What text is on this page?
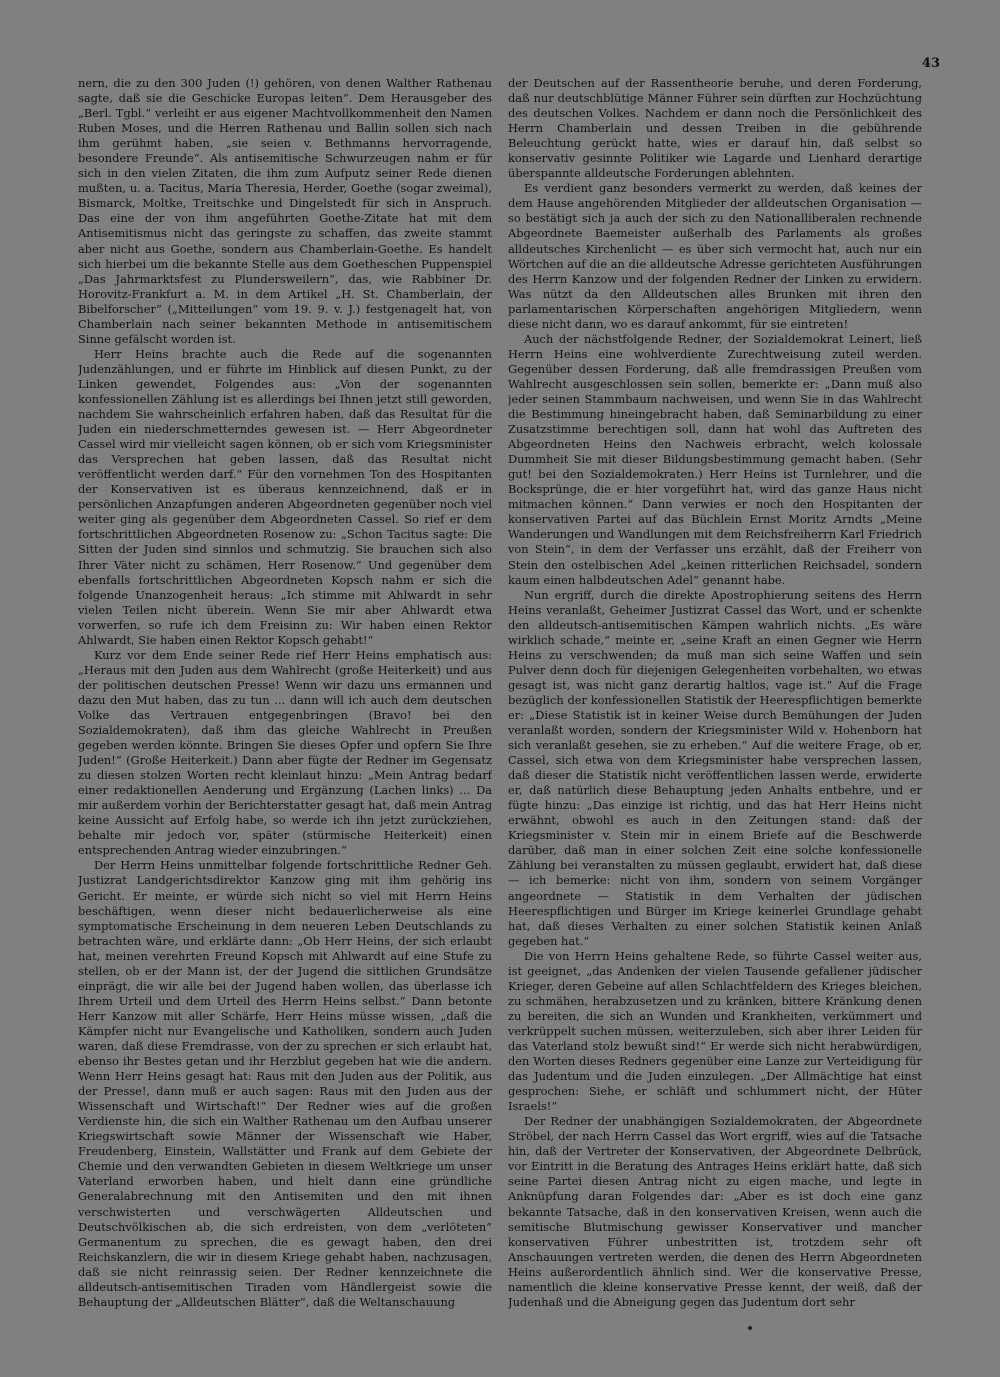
43

nern, die zu den 300 Juden (!) gehören, von denen Walther Rathenau sagte, daß sie die Geschicke Europas leiten“. Dem Herausgeber des „Berl. Tgbl.“ verleiht er aus eigener Machtvollkommenheit den Namen Ruben Moses, und die Herren Rathenau und Ballin sollen sich nach ihm gerühmt haben, „sie seien v. Bethmanns hervorragende, besondere Freunde“. Als antisemitische Schwurzeugen nahm er für sich in den vielen Zitaten, die ihm zum Aufputz seiner Rede dienen mußten, u. a. Tacitus, Maria Theresia, Herder, Goethe (sogar zweimal), Bismarck, Moltke, Treitschke und Dingelstedt für sich in Anspruch. Das eine der von ihm angeführten Goethe-Zitate hat mit dem Antisemitismus nicht das geringste zu schaffen, das zweite stammt aber nicht aus Goethe, sondern aus Chamberlain-Goethe. Es handelt sich hierbei um die bekannte Stelle aus dem Goetheschen Puppenspiel „Das Jahrmarktsfest zu Plundersweilern“, das, wie Rabbiner Dr. Horovitz-Frankfurt a. M. in dem Artikel „H. St. Chamberlain, der Bibelforscher“ („Mitteilungen“ vom 19. 9. v. J.) festgenagelt hat, von Chamberlain nach seiner bekannten Methode in antisemitischem Sinne gefälscht worden ist.

Herr Heins brachte auch die Rede auf die sogenannten Judenzählungen, und er führte im Hinblick auf diesen Punkt, zu der Linken gewendet, Folgendes aus: „Von der sogenannten konfessionellen Zählung ist es allerdings bei Ihnen jetzt still geworden, nachdem Sie wahrscheinlich erfahren haben, daß das Resultat für die Juden ein niederschmetterndes gewesen ist. — Herr Abgeordneter Cassel wird mir vielleicht sagen können, ob er sich vom Kriegsminister das Versprechen hat geben lassen, daß das Resultat nicht veröffentlicht werden darf.“ Für den vornehmen Ton des Hospitanten der Konservativen ist es überaus kennzeichnend, daß er in persönlichen Anzapfungen anderen Abgeordneten gegenüber noch viel weiter ging als gegenüber dem Abgeordneten Cassel. So rief er dem fortschrittlichen Abgeordneten Rosenow zu: „Schon Tacitus sagte: Die Sitten der Juden sind sinnlos und schmutzig. Sie brauchen sich also Ihrer Väter nicht zu schämen, Herr Rosenow.“ Und gegenüber dem ebenfalls fortschrittlichen Abgeordneten Kopsch nahm er sich die folgende Unanzogenheit heraus: „Ich stimme mit Ahlwardt in sehr vielen Teilen nicht überein. Wenn Sie mir aber Ahlwardt etwa vorwerfen, so rufe ich dem Freisinn zu: Wir haben einen Rektor Ahlwardt, Sie haben einen Rektor Kopsch gehabt!“

Kurz vor dem Ende seiner Rede rief Herr Heins emphatisch aus: „Heraus mit den Juden aus dem Wahlrecht (große Heiterkeit) und aus der politischen deutschen Presse! Wenn wir dazu uns ermannen und dazu den Mut haben, das zu tun ... dann will ich auch dem deutschen Volke das Vertrauen entgegenbringen (Bravo! bei den Sozialdemokraten), daß ihm das gleiche Wahlrecht in Preußen gegeben werden könnte. Bringen Sie dieses Opfer und opfern Sie Ihre Juden!“ (Große Heiterkeit.) Dann aber fügte der Redner im Gegensatz zu diesen stolzen Worten recht kleinlaut hinzu: „Mein Antrag bedarf einer redaktionellen Aenderung und Ergänzung (Lachen links) ... Da mir außerdem vorhin der Berichterstatter gesagt hat, daß mein Antrag keine Aussicht auf Erfolg habe, so werde ich ihn jetzt zurückziehen, behalte mir jedoch vor, später (stürmische Heiterkeit) einen entsprechenden Antrag wieder einzubringen.“

Der Herrn Heins unmittelbar folgende fortschrittliche Redner Geh. Justizrat Landgerichtsdirektor Kanzow ging mit ihm gehörig ins Gericht. Er meinte, er würde sich nicht so viel mit Herrn Heins beschäftigen, wenn dieser nicht bedauerlicherweise als eine symptomatische Erscheinung in dem neueren Leben Deutschlands zu betrachten wäre, und erklärte dann: „Ob Herr Heins, der sich erlaubt hat, meinen verehrten Freund Kopsch mit Ahlwardt auf eine Stufe zu stellen, ob er der Mann ist, der der Jugend die sittlichen Grundsätze einprägt, die wir alle bei der Jugend haben wollen, das überlasse ich Ihrem Urteil und dem Urteil des Herrn Heins selbst.“ Dann betonte Herr Kanzow mit aller Schärfe, Herr Heins müsse wissen, „daß die Kämpfer nicht nur Evangelische und Katholiken, sondern auch Juden waren, daß diese Fremdrasse, von der zu sprechen er sich erlaubt hat, ebenso ihr Bestes getan und ihr Herzblut gegeben hat wie die andern. Wenn Herr Heins gesagt hat: Raus mit den Juden aus der Politik, aus der Presse!, dann muß er auch sagen: Raus mit den Juden aus der Wissenschaft und Wirtschaft!“ Der Redner wies auf die großen Verdienste hin, die sich ein Walther Rathenau um den Aufbau unserer Kriegswirtschaft sowie Männer der Wissenschaft wie Haber, Freudenberg, Einstein, Wallstätter und Frank auf dem Gebiete der Chemie und den verwandten Gebieten in diesem Weltkriege um unser Vaterland erworben haben, und hielt dann eine gründliche Generalabrechnung mit den Antisemiten und den mit ihnen verschwisterten und verschwägerten Alldeutschen und Deutschvölkischen ab, die sich erdreisten, von dem „verlöteten“ Germanentum zu sprechen, die es gewagt haben, den drei Reichskanzlern, die wir in diesem Kriege gehabt haben, nachzusagen, daß sie nicht reinrassig seien. Der Redner kennzeichnete die alldeutsch-antisemitischen Tiraden vom Händlergeist sowie die Behauptung der „Alldeutschen Blätter“, daß die Weltanschauung

der Deutschen auf der Rassentheorie beruhe, und deren Forderung, daß nur deutschblütige Männer Führer sein dürften zur Hochzüchtung des deutschen Volkes. Nachdem er dann noch die Persönlichkeit des Herrn Chamberlain und dessen Treiben in die gebührende Beleuchtung gerückt hatte, wies er darauf hin, daß selbst so konservativ gesinnte Politiker wie Lagarde und Lienhard derartige überspannte alldeutsche Forderungen ablehnten.

Es verdient ganz besonders vermerkt zu werden, daß keines der dem Hause angehörenden Mitglieder der alldeutschen Organisation — so bestätigt sich ja auch der sich zu den Nationalliberalen rechnende Abgeordnete Baemeister außerhalb des Parlaments als großes alldeutsches Kirchenlicht — es über sich vermocht hat, auch nur ein Wörtchen auf die an die alldeutsche Adresse gerichteten Ausführungen des Herrn Kanzow und der folgenden Redner der Linken zu erwidern. Was nützt da den Alldeutschen alles Brunken mit ihren den parlamentarischen Körperschaften angehörigen Mitgliedern, wenn diese nicht dann, wo es darauf ankommt, für sie eintreten!

Auch der nächstfolgende Redner, der Sozialdemokrat Leinert, ließ Herrn Heins eine wohlverdiente Zurechtweisung zuteil werden. Gegenüber dessen Forderung, daß alle fremdrassigen Preußen vom Wahlrecht ausgeschlossen sein sollen, bemerkte er: „Dann muß also jeder seinen Stammbaum nachweisen, und wenn Sie in das Wahlrecht die Bestimmung hineingebracht haben, daß Seminarbildung zu einer Zusatzstimme berechtigen soll, dann hat wohl das Auftreten des Abgeordneten Heins den Nachweis erbracht, welch kolossale Dummheit Sie mit dieser Bildungsbestimmung gemacht haben. (Sehr gut! bei den Sozialdemokraten.) Herr Heins ist Turnlehrer, und die Bocksprünge, die er hier vorgeführt hat, wird das ganze Haus nicht mitmachen können.“ Dann verwies er noch den Hospitanten der konservativen Partei auf das Büchlein Ernst Moritz Arndts „Meine Wanderungen und Wandlungen mit dem Reichsfreiherrn Karl Friedrich von Stein“, in dem der Verfasser uns erzählt, daß der Freiherr von Stein den ostelbischen Adel „keinen ritterlichen Reichsadel, sondern kaum einen halbdeutschen Adel“ genannt habe.

Nun ergriff, durch die direkte Apostrophierung seitens des Herrn Heins veranlaßt, Geheimer Justizrat Cassel das Wort, und er schenkte den alldeutsch-antisemitischen Kämpen wahrlich nichts. „Es wäre wirklich schade,“ meinte er, „seine Kraft an einen Gegner wie Herrn Heins zu verschwenden; da muß man sich seine Waffen und sein Pulver denn doch für diejenigen Gelegenheiten vorbehalten, wo etwas gesagt ist, was nicht ganz derartig haltlos, vage ist.“ Auf die Frage bezüglich der konfessionellen Statistik der Heerespflichtigen bemerkte er: „Diese Statistik ist in keiner Weise durch Bemühungen der Juden veranlaßt worden, sondern der Kriegsminister Wild v. Hohenborn hat sich veranlaßt gesehen, sie zu erheben.“ Auf die weitere Frage, ob er, Cassel, sich etwa von dem Kriegsminister habe versprechen lassen, daß dieser die Statistik nicht veröffentlichen lassen werde, erwiderte er, daß natürlich diese Behauptung jeden Anhalts entbehre, und er fügte hinzu: „Das einzige ist richtig, und das hat Herr Heins nicht erwähnt, obwohl es auch in den Zeitungen stand: daß der Kriegsminister v. Stein mir in einem Briefe auf die Beschwerde darüber, daß man in einer solchen Zeit eine solche konfessionelle Zählung bei veranstalten zu müssen geglaubt, erwidert hat, daß diese — ich bemerke: nicht von ihm, sondern von seinem Vorgänger angeordnete — Statistik in dem Verhalten der jüdischen Heerespflichtigen und Bürger im Kriege keinerlei Grundlage gehabt hat, daß dieses Verhalten zu einer solchen Statistik keinen Anlaß gegeben hat.“

Die von Herrn Heins gehaltene Rede, so führte Cassel weiter aus, ist geeignet, „das Andenken der vielen Tausende gefallener jüdischer Krieger, deren Gebeine auf allen Schlachtfeldern des Krieges bleichen, zu schmähen, herabzusetzen und zu kränken, bittere Kränkung denen zu bereiten, die sich an Wunden und Krankheiten, verkümmert und verkrüppelt suchen müssen, weiterzuleben, sich aber ihrer Leiden für das Vaterland stolz bewußt sind!“ Er werde sich nicht herabwürdigen, den Worten dieses Redners gegenüber eine Lanze zur Verteidigung für das Judentum und die Juden einzulegen. „Der Allmächtige hat einst gesprochen: Siehe, er schläft und schlummert nicht, der Hüter Israels!“

Der Redner der unabhängigen Sozialdemokraten, der Abgeordnete Ströbel, der nach Herrn Cassel das Wort ergriff, wies auf die Tatsache hin, daß der Vertreter der Konservativen, der Abgeordnete Delbrück, vor Eintritt in die Beratung des Antrages Heins erklärt hatte, daß sich seine Partei diesen Antrag nicht zu eigen mache, und legte in Anknüpfung daran Folgendes dar: „Aber es ist doch eine ganz bekannte Tatsache, daß in den konservativen Kreisen, wenn auch die semitische Blutmischung gewisser Konservativer und mancher konservativen Führer unbestritten ist, trotzdem sehr oft Anschauungen vertreten werden, die denen des Herrn Abgeordneten Heins außerordentlich ähnlich sind. Wer die konservative Presse, namentlich die kleine konservative Presse kennt, der weiß, daß der Judenhaß und die Abneigung gegen das Judentum dort sehr
